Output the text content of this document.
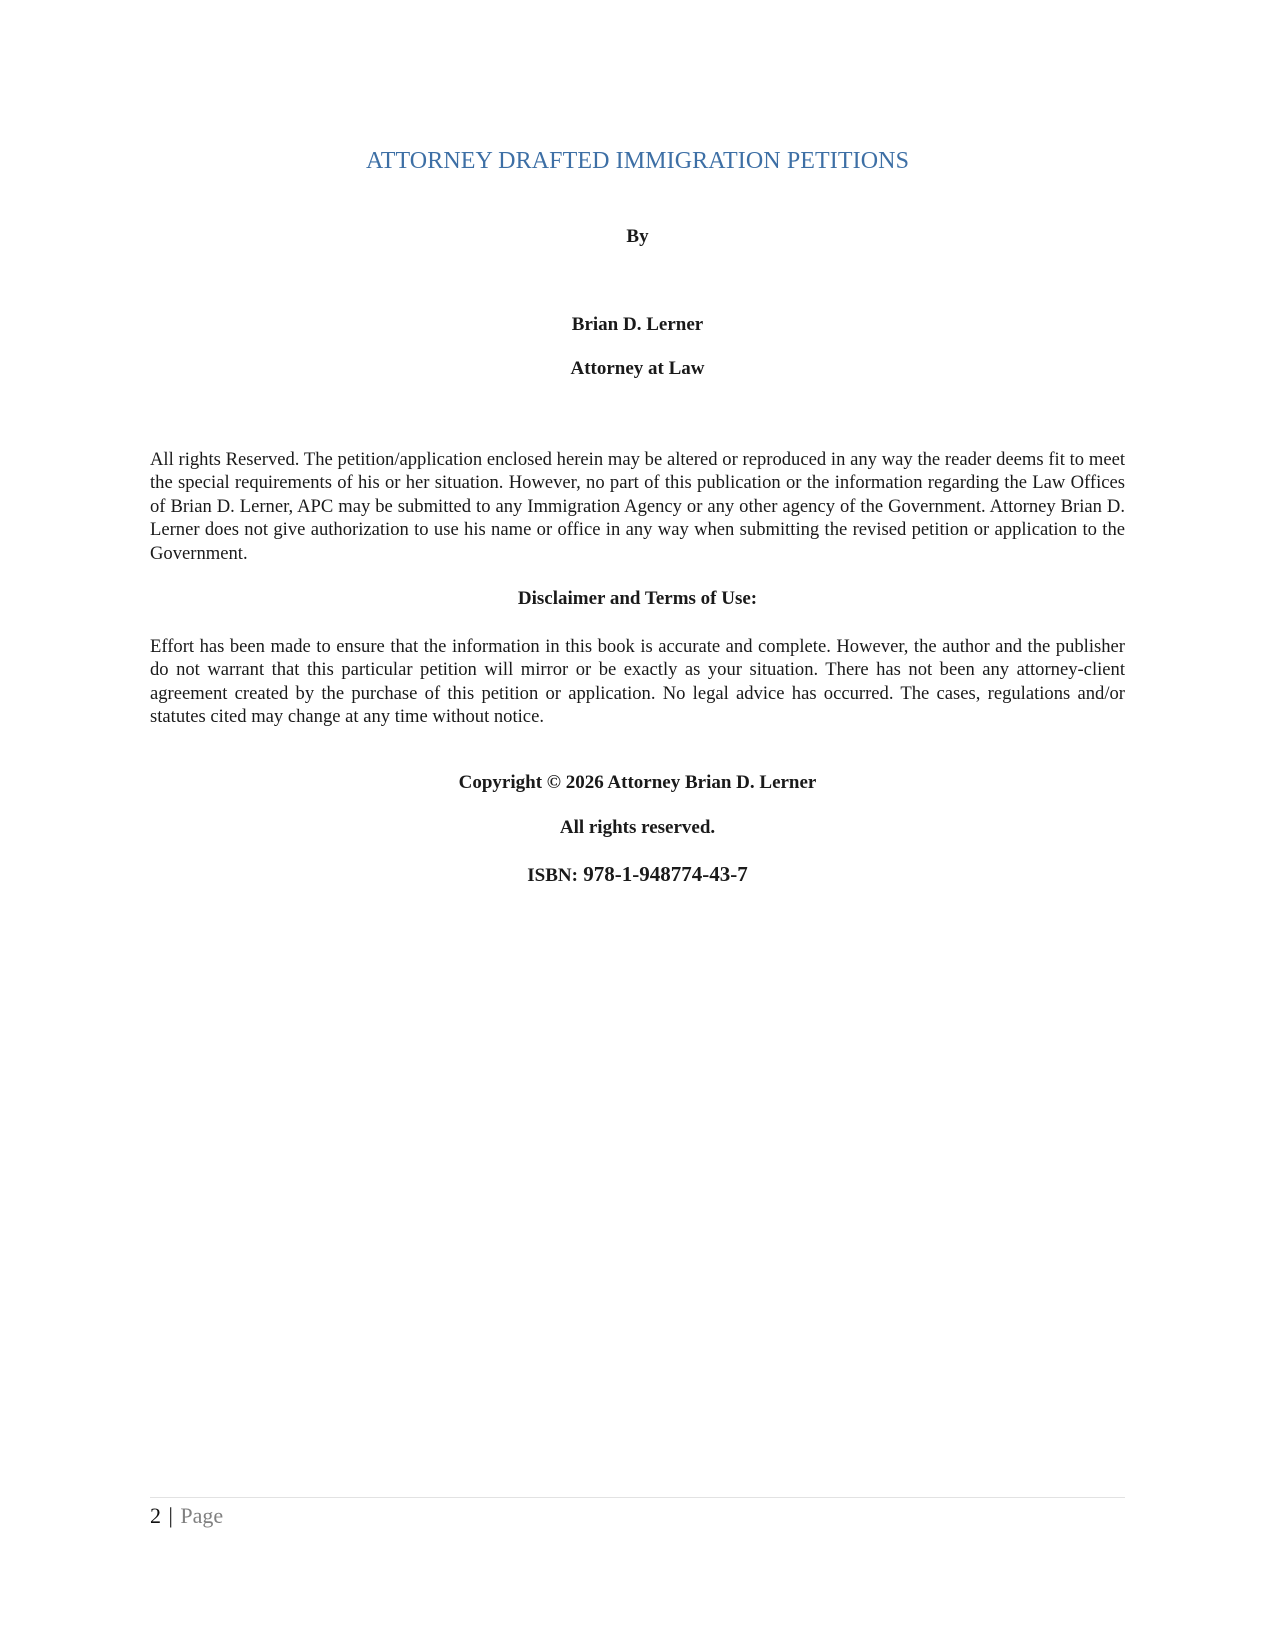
ATTORNEY DRAFTED IMMIGRATION PETITIONS
By
Brian D. Lerner
Attorney at Law
All rights Reserved. The petition/application enclosed herein may be altered or reproduced in any way the reader deems fit to meet the special requirements of his or her situation. However, no part of this publication or the information regarding the Law Offices of Brian D. Lerner, APC may be submitted to any Immigration Agency or any other agency of the Government. Attorney Brian D. Lerner does not give authorization to use his name or office in any way when submitting the revised petition or application to the Government.
Disclaimer and Terms of Use:
Effort has been made to ensure that the information in this book is accurate and complete. However, the author and the publisher do not warrant that this particular petition will mirror or be exactly as your situation. There has not been any attorney-client agreement created by the purchase of this petition or application. No legal advice has occurred. The cases, regulations and/or statutes cited may change at any time without notice.
Copyright © 2026 Attorney Brian D. Lerner
All rights reserved.
ISBN: 978-1-948774-43-7
2 | Page
